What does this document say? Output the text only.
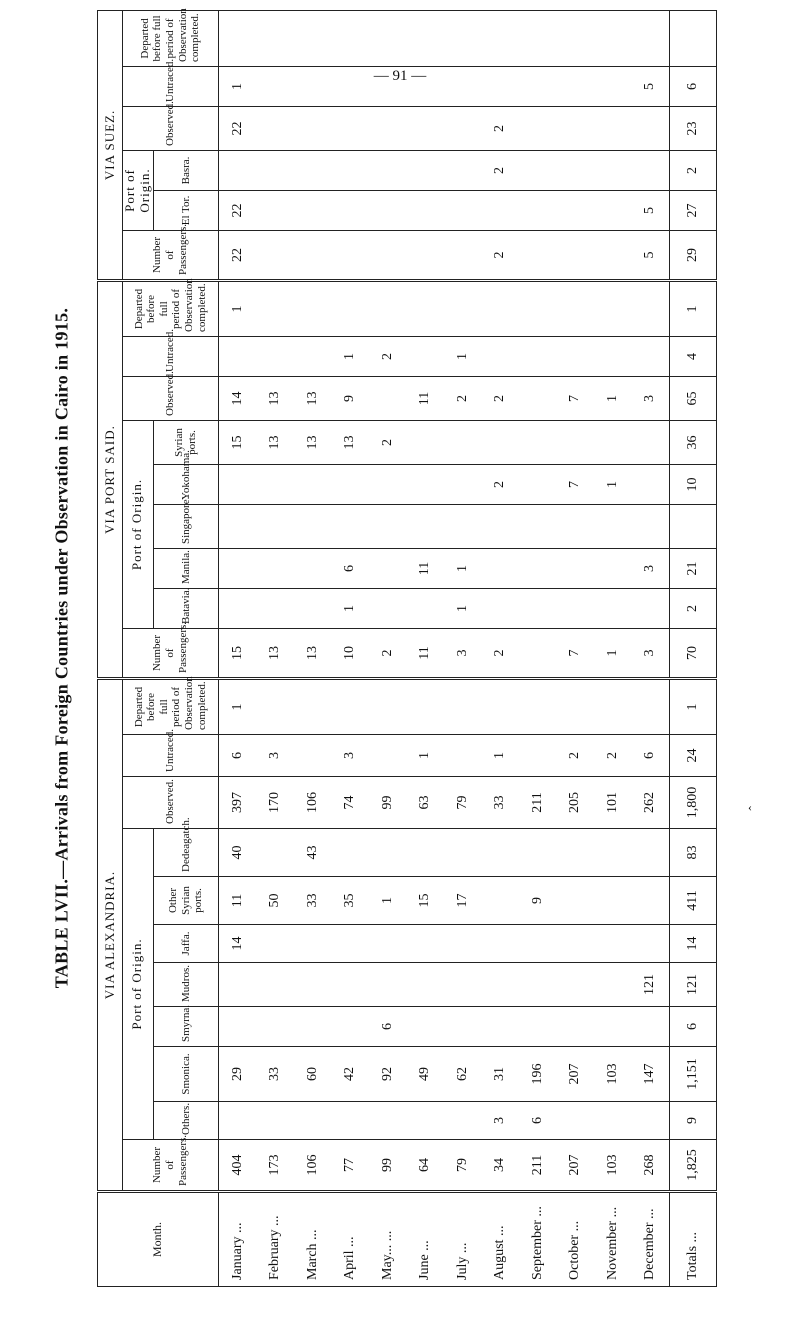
— 91 —
TABLE LVII.—Arrivals from Foreign Countries under Observation in Cairo in 1915.	‹
Month.	VIA ALEXANDRIA.											VIA PORT SAID.									VIA SUEZ.					
	Number of Passengers.	Port of Origin.							Observed.	Untraced.	Departed before full period of Observation completed.	Number of Passengers.	Port of Origin.					Observed.	Untraced.	Departed before full period of Observation completed.	Number of Passengers.	Port of Origin.		Observed.	Untraced.	Departed before full period of Observation completed.
		Others.	Smonica.	Smyrna.	Mudros.	Jaffa.	Other Syrian ports.	Dedeagatch.					Batavia.	Manila.	Singapore.	Yokohama.	Syrian ports.					El Tor.	Basra.			
January ...	404		29			14	11	40	397	6	1	15					15	14		1	22	22		22	1	
February ...	173		33				50		170	3		13					13	13								
March ...	106		60				33	43	106			13					13	13								
April ...	77		42				35		74	3		10	1	6			13	9	1							
May... ...	99		92	6			1		99			2					2		2							
June ...	64		49				15		63	1		11		11				11								
July ...	79		62				17		79			3	1	1				2	1							
August ...	34	3	31						33	1		2				2		2			2		2	2		
September ...	211	6	196				9		211																	
October ...	207		207						205	2		7				7		7								
November ...	103		103						101	2		1				1		1								
December ...	268		147		121				262	6		3		3				3			5	5			5	
Totals ...	1,825	9	1,151	6	121	14	411	83	1,800	24	1	70	2	21		10	36	65	4	1	29	27	2	23	6	
